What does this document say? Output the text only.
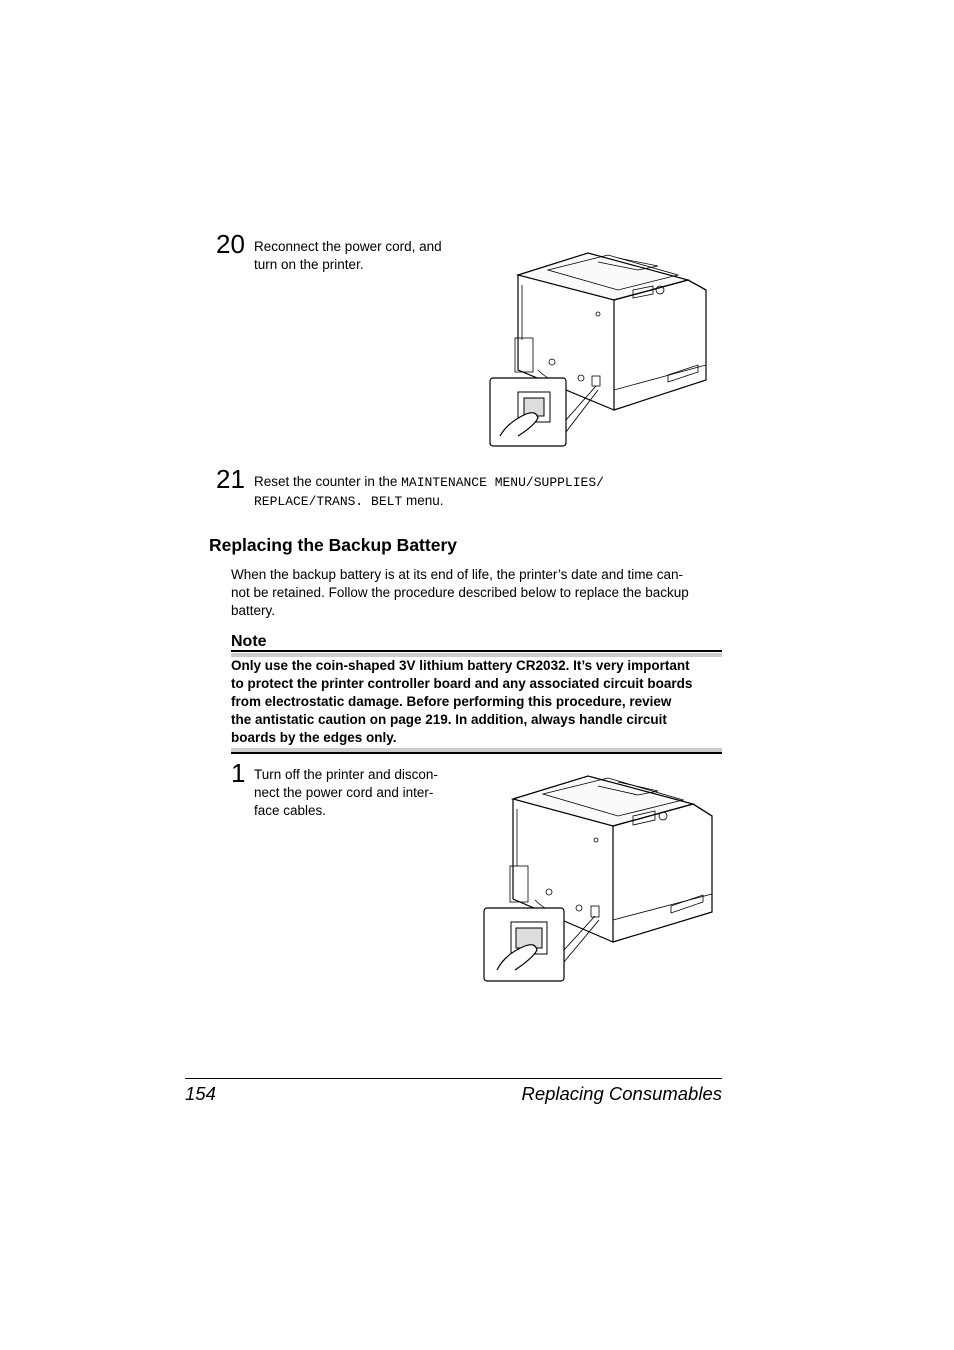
20 Reconnect the power cord, and
turn on the printer.
21 Reset the counter in the MAINTENANCE MENU/SUPPLIES/
REPLACE/TRANS. BELT menu.
Replacing the Backup Battery
When the backup battery is at its end of life, the printer’s date and time can-
not be retained. Follow the procedure described below to replace the backup
battery.
Note
Only use the coin-shaped 3V lithium battery CR2032. It’s very important
to protect the printer controller board and any associated circuit boards
from electrostatic damage. Before performing this procedure, review
the antistatic caution on page 219. In addition, always handle circuit
boards by the edges only.
1 Turn off the printer and discon-
nect the power cord and inter-
face cables.
154	Replacing Consumables
